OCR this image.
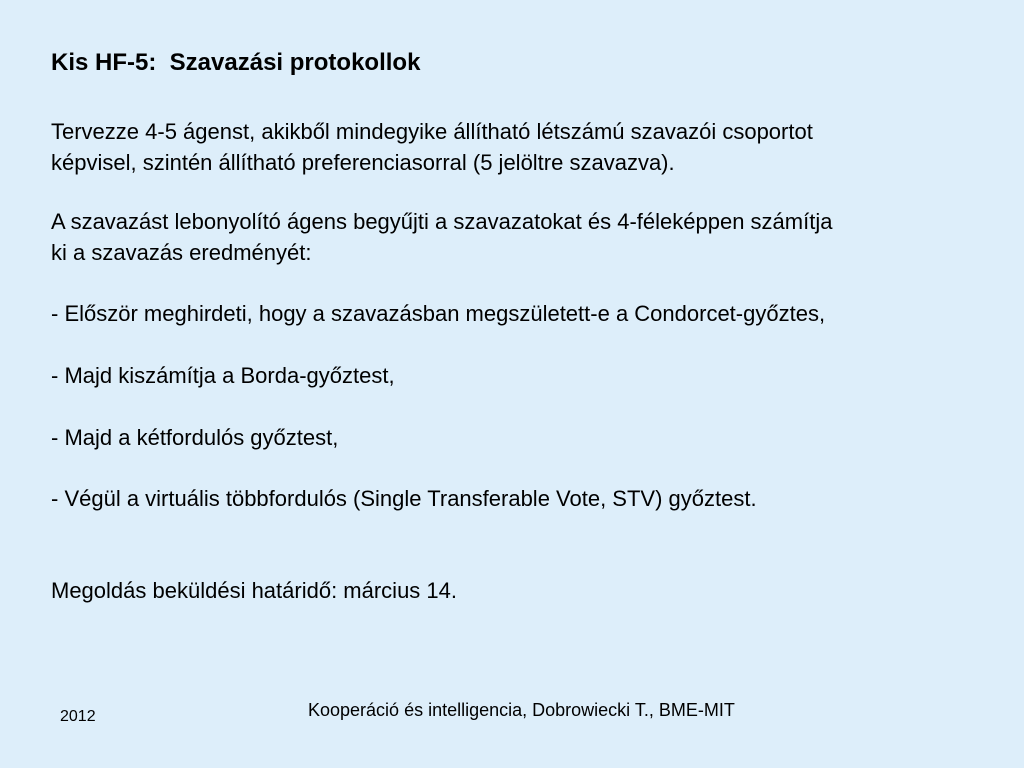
Kis HF-5:  Szavazási protokollok

Tervezze 4-5 ágenst, akikből mindegyike állítható létszámú szavazói csoportot

képvisel, szintén állítható preferenciasorral (5 jelöltre szavazva).

A szavazást lebonyolító ágens begyűjti a szavazatokat és 4-féleképpen számítja

ki a szavazás eredményét:

- Először meghirdeti, hogy a szavazásban megszületett-e a Condorcet-győztes,

- Majd kiszámítja a Borda-győztest,

- Majd a kétfordulós győztest,

- Végül a virtuális többfordulós (Single Transferable Vote, STV) győztest.

Megoldás beküldési határidő: március 14.

2012	Kooperáció és intelligencia, Dobrowiecki T., BME-MIT
